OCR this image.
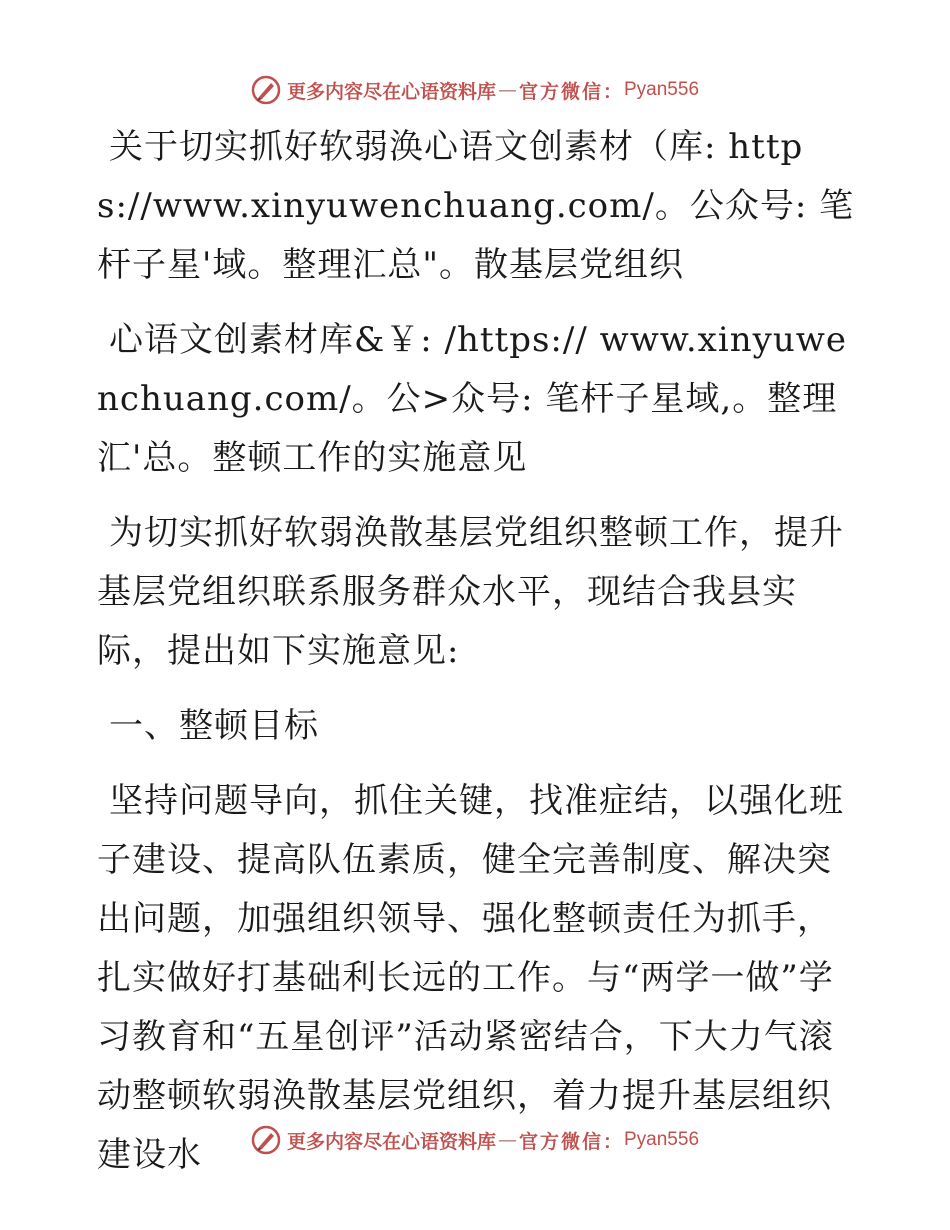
更多内容尽在心语资料库 — 官方微信： Pyan556

关于切实抓好软弱涣心语文创素材（库: https://www.xinyuwenchuang.com/。公众号: 笔杆子星'域。整理汇总"。散基层党组织

心语文创素材库&￥: /https:// www.xinyuwenchuang.com/。公>众号: 笔杆子星域,。整理汇'总。整顿工作的实施意见

为切实抓好软弱涣散基层党组织整顿工作，提升基层党组织联系服务群众水平，现结合我县实际，提出如下实施意见:

一、整顿目标

坚持问题导向，抓住关键，找准症结，以强化班子建设、提高队伍素质，健全完善制度、解决突出问题，加强组织领导、强化整顿责任为抓手，扎实做好打基础利长远的工作。与“两学一做”学习教育和“五星创评”活动紧密结合，下大力气滚动整顿软弱涣散基层党组织，着力提升基层组织建设水	更多内容尽在心语资料库 — 官方微信： Pyan556
